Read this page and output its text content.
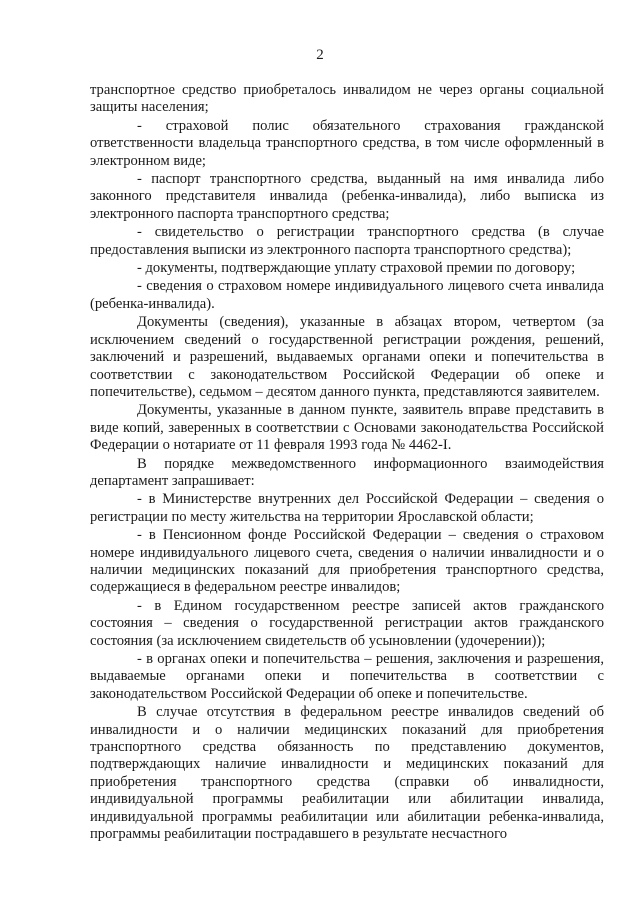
2

транспортное средство приобреталось инвалидом не через органы социальной защиты населения;

- страховой полис обязательного страхования гражданской ответственности владельца транспортного средства, в том числе оформленный в электронном виде;

- паспорт транспортного средства, выданный на имя инвалида либо законного представителя инвалида (ребенка-инвалида), либо выписка из электронного паспорта транспортного средства;

- свидетельство о регистрации транспортного средства (в случае предоставления выписки из электронного паспорта транспортного средства);

- документы, подтверждающие уплату страховой премии по договору;

- сведения о страховом номере индивидуального лицевого счета инвалида (ребенка-инвалида).

Документы (сведения), указанные в абзацах втором, четвертом (за исключением сведений о государственной регистрации рождения, решений, заключений и разрешений, выдаваемых органами опеки и попечительства в соответствии с законодательством Российской Федерации об опеке и попечительстве), седьмом – десятом данного пункта, представляются заявителем.

Документы, указанные в данном пункте, заявитель вправе представить в виде копий, заверенных в соответствии с Основами законодательства Российской Федерации о нотариате от 11 февраля 1993 года № 4462-I.

В порядке межведомственного информационного взаимодействия департамент запрашивает:

- в Министерстве внутренних дел Российской Федерации – сведения о регистрации по месту жительства на территории Ярославской области;

- в Пенсионном фонде Российской Федерации – сведения о страховом номере индивидуального лицевого счета, сведения о наличии инвалидности и о наличии медицинских показаний для приобретения транспортного средства, содержащиеся в федеральном реестре инвалидов;

- в Едином государственном реестре записей актов гражданского состояния – сведения о государственной регистрации актов гражданского состояния (за исключением свидетельств об усыновлении (удочерении));

- в органах опеки и попечительства – решения, заключения и разрешения, выдаваемые органами опеки и попечительства в соответствии с законодательством Российской Федерации об опеке и попечительстве.

В случае отсутствия в федеральном реестре инвалидов сведений об инвалидности и о наличии медицинских показаний для приобретения транспортного средства обязанность по представлению документов, подтверждающих наличие инвалидности и медицинских показаний для приобретения транспортного средства (справки об инвалидности, индивидуальной программы реабилитации или абилитации инвалида, индивидуальной программы реабилитации или абилитации ребенка-инвалида, программы реабилитации пострадавшего в результате несчастного
